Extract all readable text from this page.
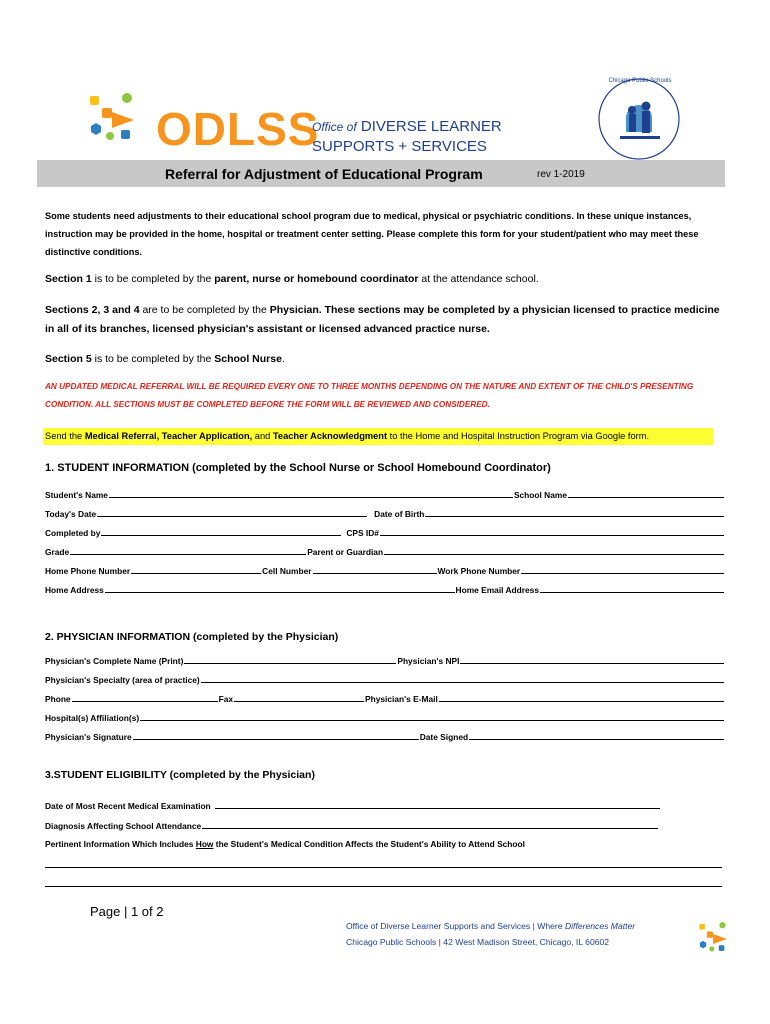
ODLSS
Office of DIVERSE LEARNER
SUPPORTS + SERVICES
Chicago Public Schools
Referral for Adjustment of Educational Program	rev 1-2019
Some students need adjustments to their educational school program due to medical, physical or psychiatric conditions. In these unique instances, instruction may be provided in the home, hospital or treatment center setting. Please complete this form for your student/patient who may meet these distinctive conditions.
Section 1 is to be completed by the parent, nurse or homebound coordinator at the attendance school.
Sections 2, 3 and 4 are to be completed by the Physician. These sections may be completed by a physician licensed to practice medicine in all of its branches, licensed physician's assistant or licensed advanced practice nurse.
Section 5 is to be completed by the School Nurse.
AN UPDATED MEDICAL REFERRAL WILL BE REQUIRED EVERY ONE TO THREE MONTHS DEPENDING ON THE NATURE AND EXTENT OF THE CHILD'S PRESENTING CONDITION. ALL SECTIONS MUST BE COMPLETED BEFORE THE FORM WILL BE REVIEWED AND CONSIDERED.
Send the Medical Referral, Teacher Application, and Teacher Acknowledgment to the Home and Hospital Instruction Program via Google form.
1. STUDENT INFORMATION (completed by the School Nurse or School Homebound Coordinator)
Student's Name	School Name
Today's Date	Date of Birth
Completed by	CPS ID#
Grade	Parent or Guardian
Home Phone Number	Cell Number	Work Phone Number
Home Address	Home Email Address
2. PHYSICIAN INFORMATION (completed by the Physician)
Physician's Complete Name (Print)	Physician's NPI
Physician's Specialty (area of practice)
Phone	Fax	Physician's E-Mail
Hospital(s) Affiliation(s)
Physician's Signature	Date Signed
3.STUDENT ELIGIBILITY (completed by the Physician)
Date of Most Recent Medical Examination
Diagnosis Affecting School Attendance
Pertinent Information Which Includes How the Student's Medical Condition Affects the Student's Ability to Attend School
Page | 1 of 2
Office of Diverse Learner Supports and Services | Where Differences Matter
Chicago Public Schools | 42 West Madison Street, Chicago, IL 60602
